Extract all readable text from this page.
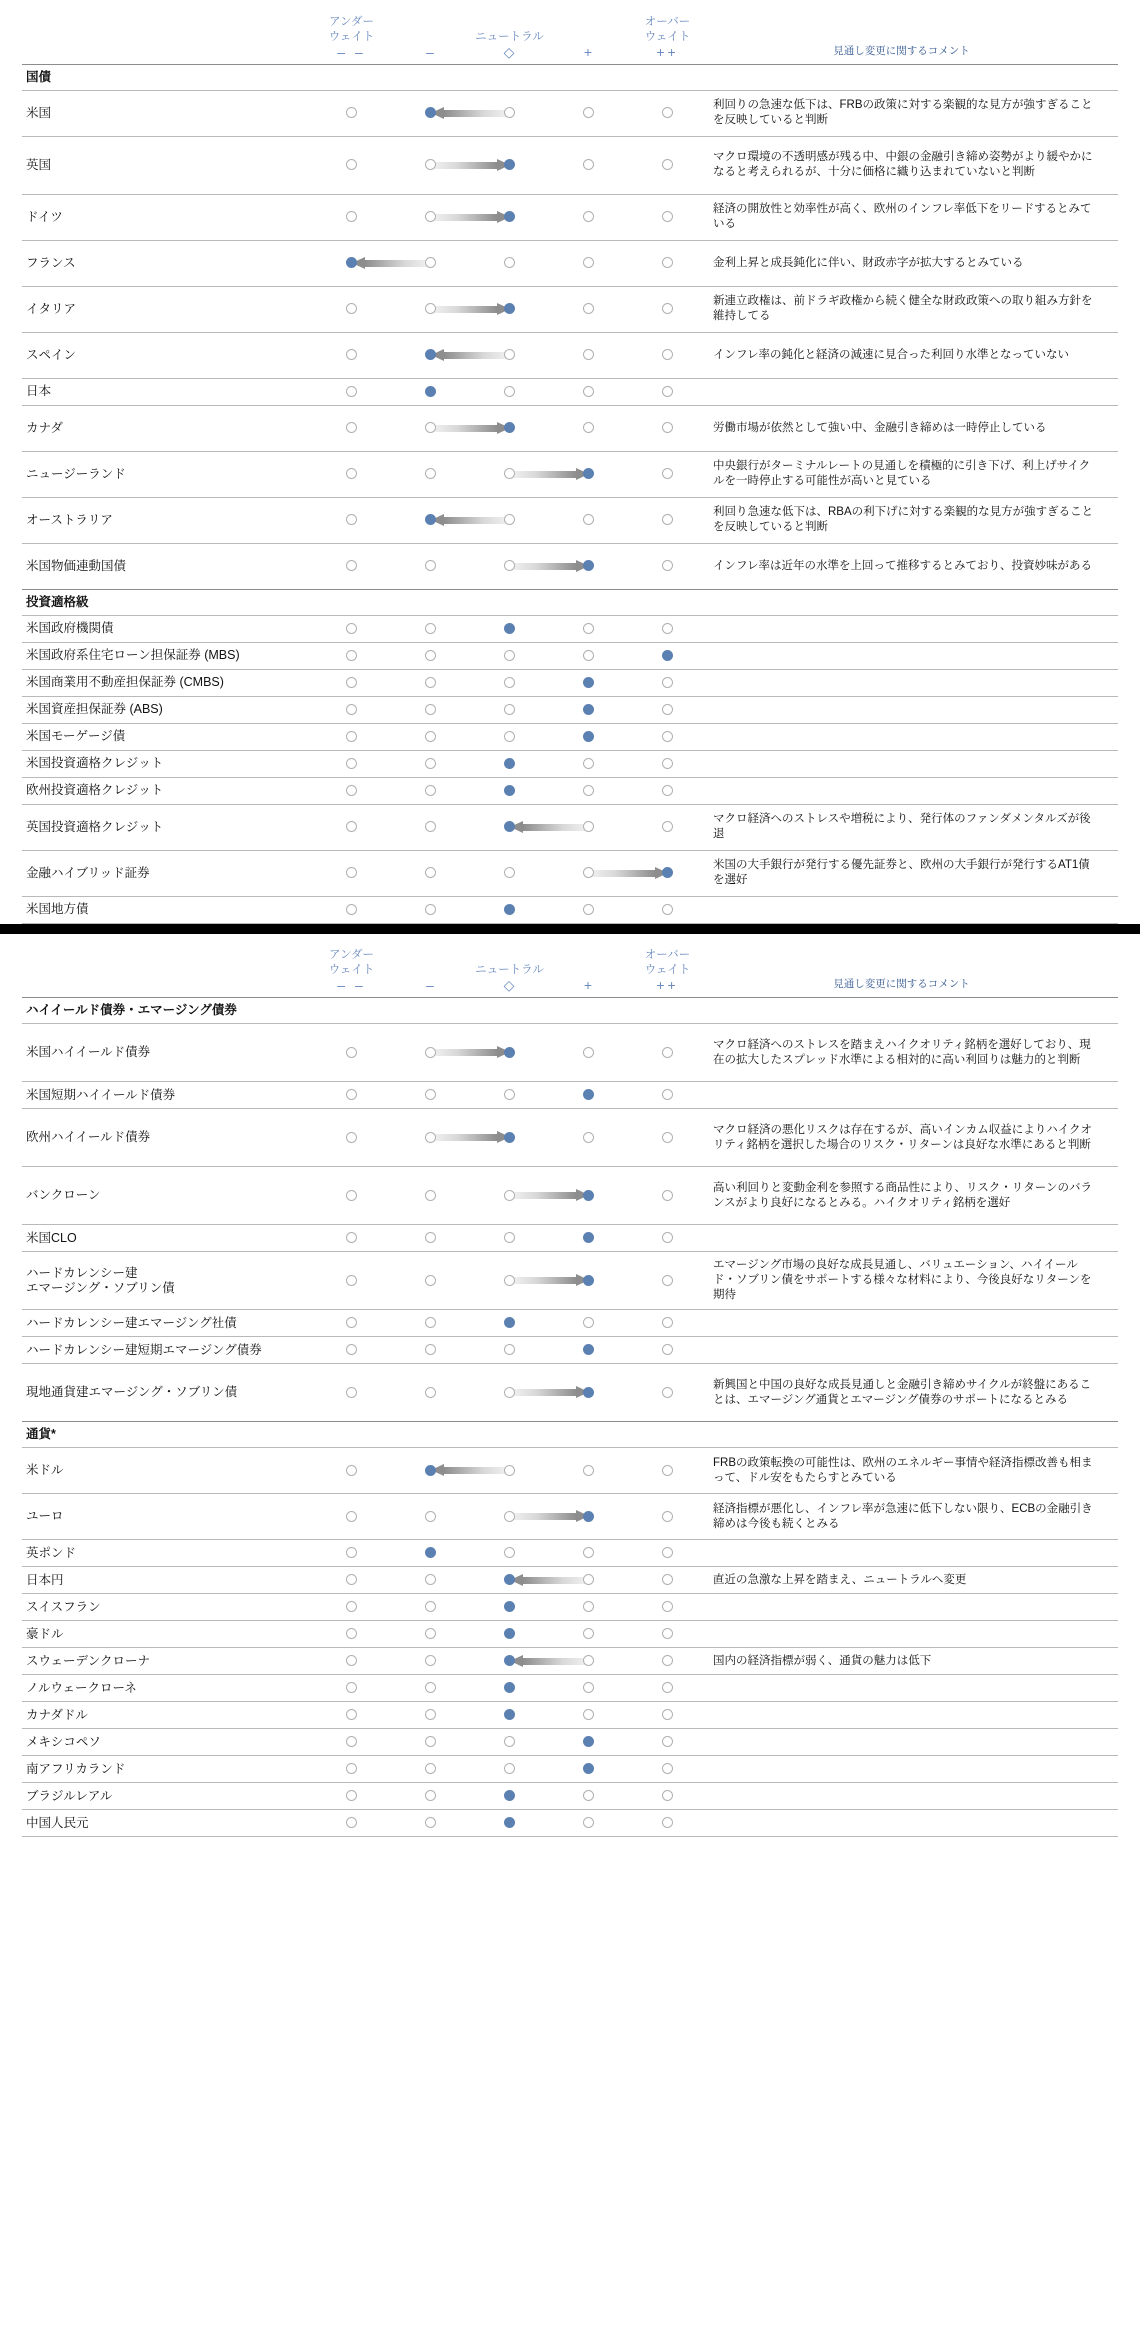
	アンダー
ウェイト
– –	–	ニュートラル
◇	+	オーバー
ウェイト
++	見通し変更に関するコメント

国債						
米国						利回りの急速な低下は、FRBの政策に対する楽観的な見方が強すぎることを反映していると判断
英国						マクロ環境の不透明感が残る中、中銀の金融引き締め姿勢がより緩やかになると考えられるが、十分に価格に織り込まれていないと判断
ドイツ						経済の開放性と効率性が高く、欧州のインフレ率低下をリードするとみている
フランス						金利上昇と成長鈍化に伴い、財政赤字が拡大するとみている
イタリア						新連立政権は、前ドラギ政権から続く健全な財政政策への取り組み方針を維持してる
スペイン						インフレ率の鈍化と経済の減速に見合った利回り水準となっていない
日本						
カナダ						労働市場が依然として強い中、金融引き締めは一時停止している
ニュージーランド						中央銀行がターミナルレートの見通しを積極的に引き下げ、利上げサイクルを一時停止する可能性が高いと見ている
オーストラリア						利回り急速な低下は、RBAの利下げに対する楽観的な見方が強すぎることを反映していると判断
米国物価連動国債						インフレ率は近年の水準を上回って推移するとみており、投資妙味がある
投資適格級						
米国政府機関債						
米国政府系住宅ローン担保証券 (MBS)						
米国商業用不動産担保証券 (CMBS)						
米国資産担保証券 (ABS)						
米国モーゲージ債						
米国投資適格クレジット						
欧州投資適格クレジット						
英国投資適格クレジット						マクロ経済へのストレスや増税により、発行体のファンダメンタルズが後退
金融ハイブリッド証券						米国の大手銀行が発行する優先証券と、欧州の大手銀行が発行するAT1債を選好
米国地方債						

	アンダー
ウェイト
– –	–	ニュートラル
◇	+	オーバー
ウェイト
++	見通し変更に関するコメント

ハイイールド債券・エマージング債券						
米国ハイイールド債券						マクロ経済へのストレスを踏まえハイクオリティ銘柄を選好しており、現在の拡大したスプレッド水準による相対的に高い利回りは魅力的と判断
米国短期ハイイールド債券						
欧州ハイイールド債券						マクロ経済の悪化リスクは存在するが、高いインカム収益によりハイクオリティ銘柄を選択した場合のリスク・リターンは良好な水準にあると判断
バンクローン						高い利回りと変動金利を参照する商品性により、リスク・リターンのバランスがより良好になるとみる。ハイクオリティ銘柄を選好
米国CLO						

ハードカレンシー建
エマージング・ソブリン債						エマージング市場の良好な成長見通し、バリュエーション、ハイイールド・ソブリン債をサポートする様々な材料により、今後良好なリターンを期待
ハードカレンシー建エマージング社債						
ハードカレンシー建短期エマージング債券						
現地通貨建エマージング・ソブリン債						新興国と中国の良好な成長見通しと金融引き締めサイクルが終盤にあることは、エマージング通貨とエマージング債券のサポートになるとみる
通貨*						
米ドル						FRBの政策転換の可能性は、欧州のエネルギー事情や経済指標改善も相まって、ドル安をもたらすとみている
ユーロ						経済指標が悪化し、インフレ率が急速に低下しない限り、ECBの金融引き締めは今後も続くとみる
英ポンド						
日本円						直近の急激な上昇を踏まえ、ニュートラルへ変更
スイスフラン						
豪ドル						
スウェーデンクローナ						国内の経済指標が弱く、通貨の魅力は低下
ノルウェークローネ						
カナダドル						
メキシコペソ						
南アフリカランド						
ブラジルレアル						
中国人民元						
